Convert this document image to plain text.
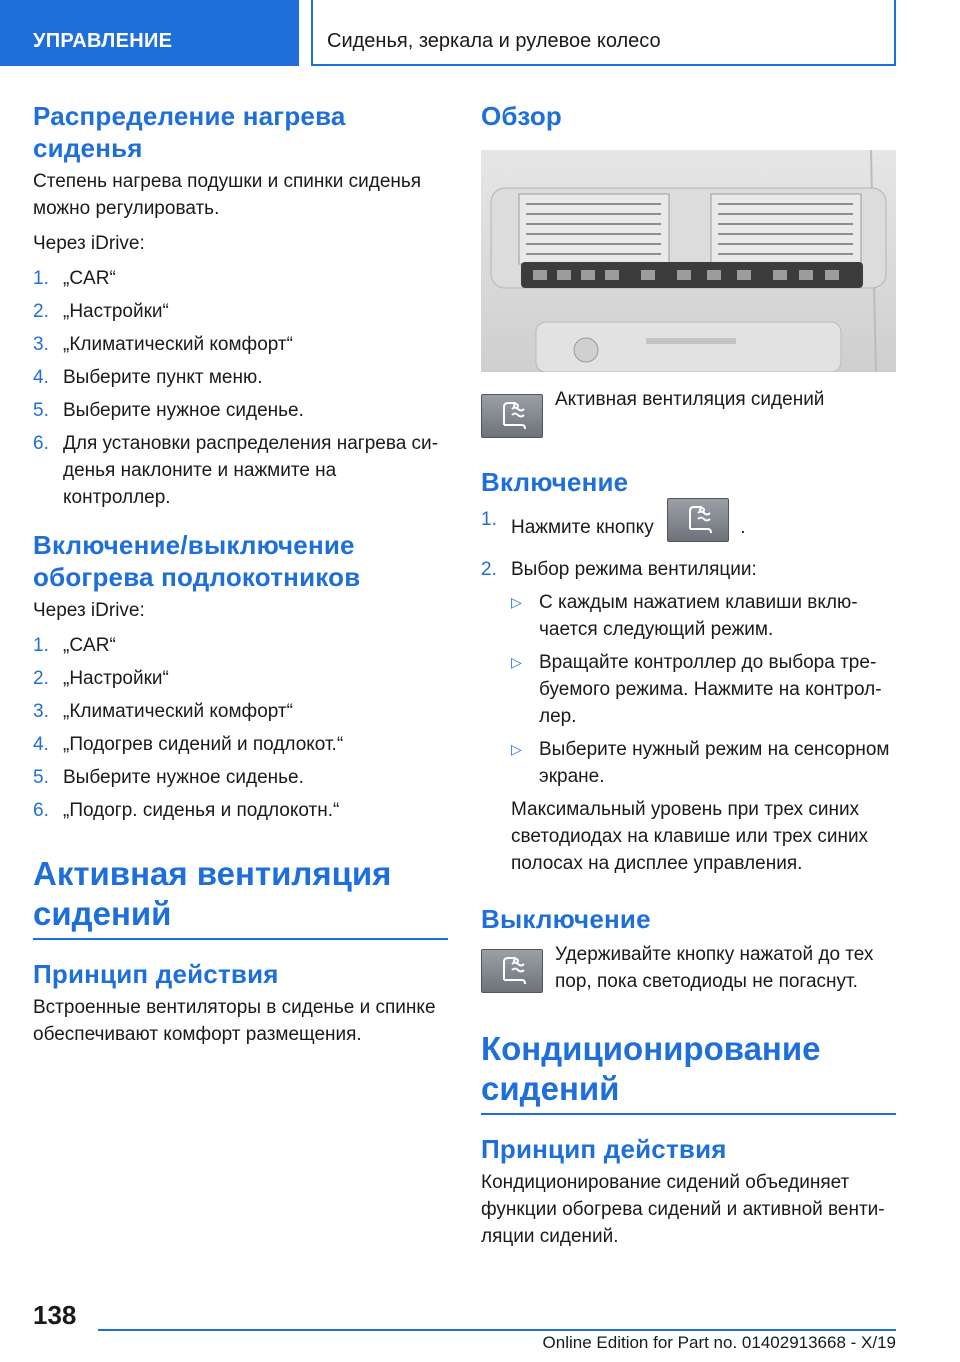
УПРАВЛЕНИЕ	Сиденья, зеркала и рулевое колесо
Распределение нагрева сиденья

Степень нагрева подушки и спинки сиденья можно регулировать.

Через iDrive:

1. „CAR“
2. „Настройки“
3. „Климатический комфорт“
4. Выберите пункт меню.
5. Выберите нужное сиденье.
6. Для установки распределения нагрева сиденья наклоните и нажмите на контроллер.
Включение/выключение обогрева подлокотников

Через iDrive:

1. „CAR“
2. „Настройки“
3. „Климатический комфорт“
4. „Подогрев сидений и подлокот.“
5. Выберите нужное сиденье.
6. „Подогр. сиденья и подлокотн.“
Активная вентиляция сидений
Принцип действия

Встроенные вентиляторы в сиденье и спинке обеспечивают комфорт размещения.

Обзор
Активная вентиляция сидений
Включение
1. Нажмите кнопку	.
2. Выбор режима вентиляции:
▷ С каждым нажатием клавиши включается следующий режим.
▷ Вращайте контроллер до выбора требуемого режима. Нажмите на контроллер.
▷ Выберите нужный режим на сенсорном экране.

Максимальный уровень при трех синих светодиодах на клавише или трех синих полосах на дисплее управления.

Выключение
Удерживайте кнопку нажатой до тех пор, пока светодиоды не погаснут.
Кондиционирование сидений
Принцип действия

Кондиционирование сидений объединяет функции обогрева сидений и активной вентиляции сидений.

138
Online Edition for Part no. 01402913668 - X/19
